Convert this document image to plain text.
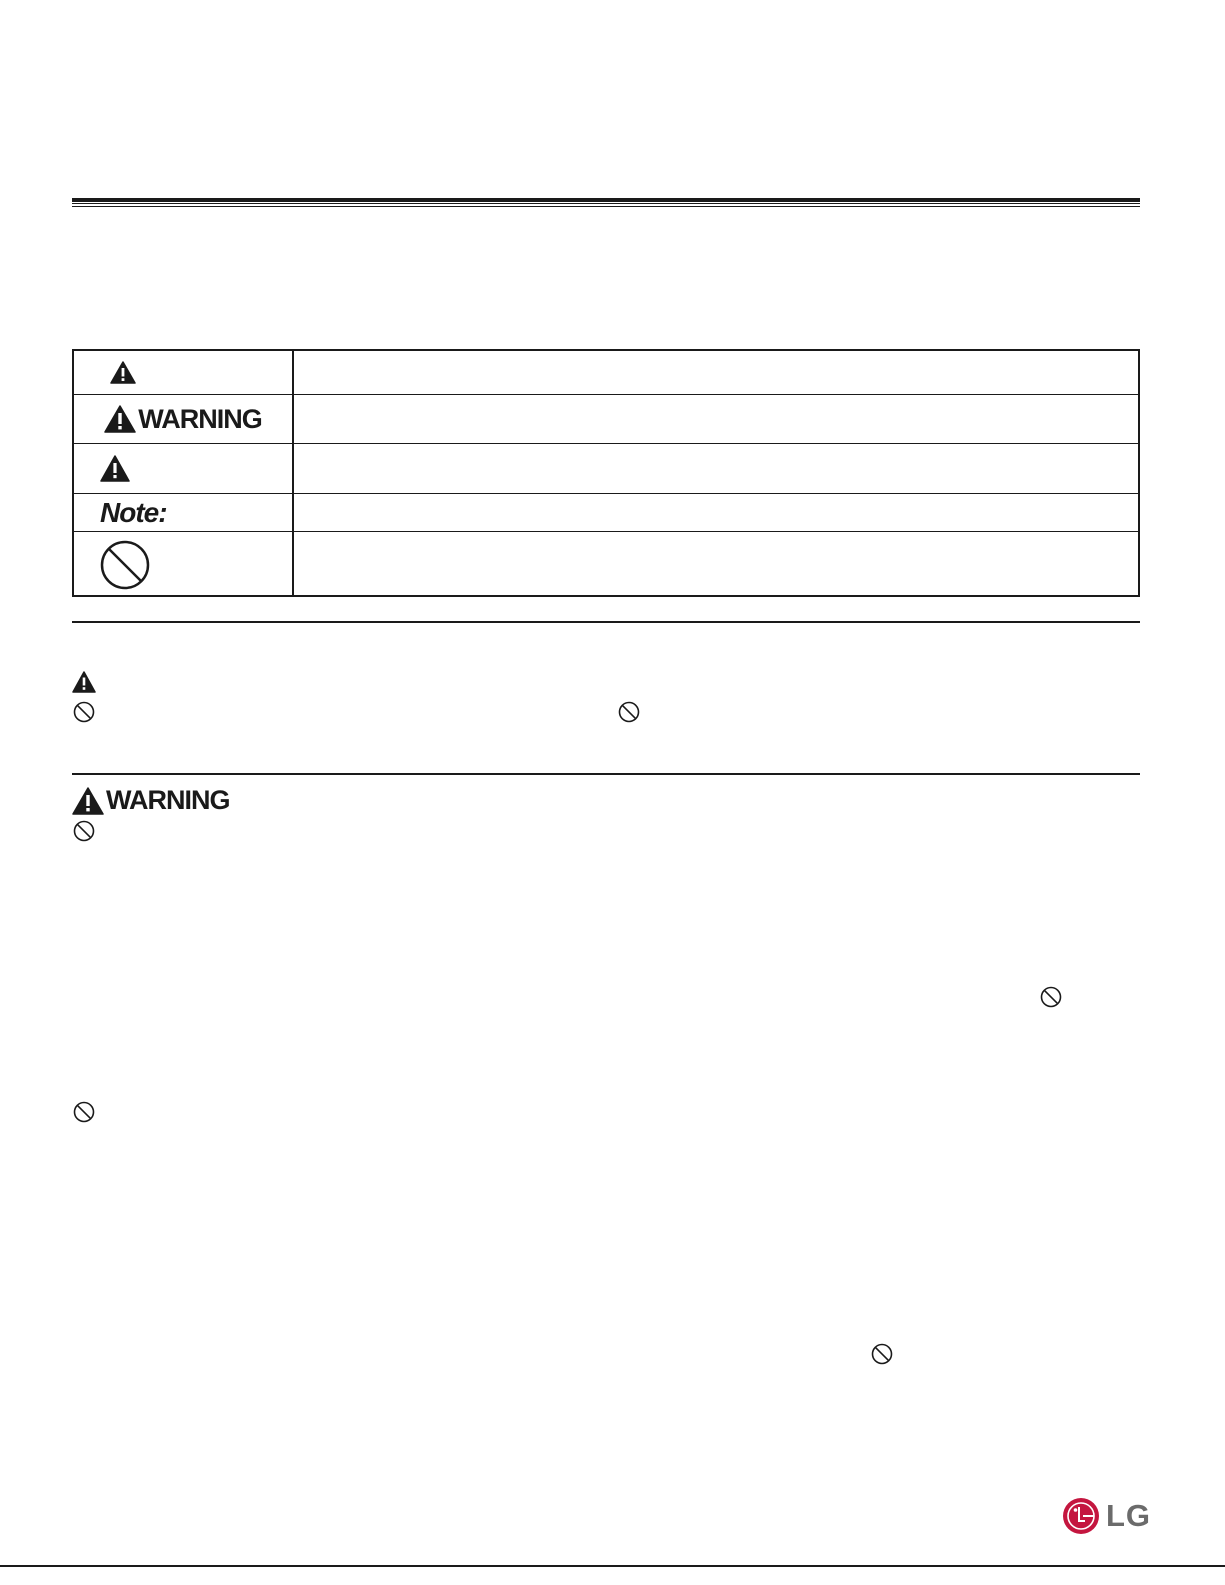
WARNING
Note:
WARNING
LG
